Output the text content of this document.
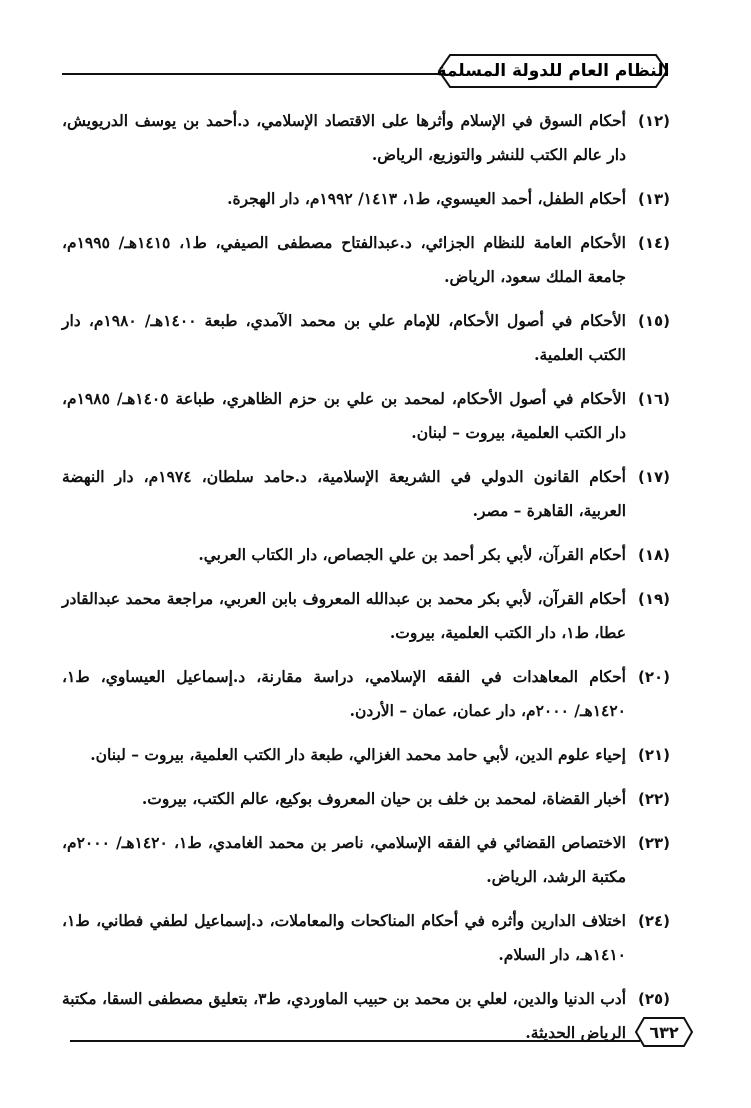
النظام العام للدولة المسلمة
(١٢)
أحكام السوق في الإسلام وأثرها على الاقتصاد الإسلامي، د.أحمد بن يوسف الدريويش، دار عالم الكتب للنشر والتوزيع، الرياض.
(١٣)
أحكام الطفل، أحمد العيسوي، ط١، ١٤١٣/ ١٩٩٢م، دار الهجرة.
(١٤)
الأحكام العامة للنظام الجزائي، د.عبدالفتاح مصطفى الصيفي، ط١، ١٤١٥هـ/ ١٩٩٥م، جامعة الملك سعود، الرياض.
(١٥)
الأحكام في أصول الأحكام، للإمام علي بن محمد الآمدي، طبعة ١٤٠٠هـ/ ١٩٨٠م، دار الكتب العلمية.
(١٦)
الأحكام في أصول الأحكام، لمحمد بن علي بن حزم الظاهري، طباعة ١٤٠٥هـ/ ١٩٨٥م، دار الكتب العلمية، بيروت – لبنان.
(١٧)
أحكام القانون الدولي في الشريعة الإسلامية، د.حامد سلطان، ١٩٧٤م، دار النهضة العربية، القاهرة – مصر.
(١٨)
أحكام القرآن، لأبي بكر أحمد بن علي الجصاص، دار الكتاب العربي.
(١٩)
أحكام القرآن، لأبي بكر محمد بن عبدالله المعروف بابن العربي، مراجعة محمد عبدالقادر عطا، ط١، دار الكتب العلمية، بيروت.
(٢٠)
أحكام المعاهدات في الفقه الإسلامي، دراسة مقارنة، د.إسماعيل العيساوي، ط١، ١٤٢٠هـ/ ٢٠٠٠م، دار عمان، عمان – الأردن.
(٢١)
إحياء علوم الدين، لأبي حامد محمد الغزالي، طبعة دار الكتب العلمية، بيروت – لبنان.
(٢٢)
أخبار القضاة، لمحمد بن خلف بن حيان المعروف بوكيع، عالم الكتب، بيروت.
(٢٣)
الاختصاص القضائي في الفقه الإسلامي، ناصر بن محمد الغامدي، ط١، ١٤٢٠هـ/ ٢٠٠٠م، مكتبة الرشد، الرياض.
(٢٤)
اختلاف الدارين وأثره في أحكام المناكحات والمعاملات، د.إسماعيل لطفي فطاني، ط١، ١٤١٠هـ، دار السلام.
(٢٥)
أدب الدنيا والدين، لعلي بن محمد بن حبيب الماوردي، ط٣، بتعليق مصطفى السقا، مكتبة الرياض الحديثة.	٦٣٢
